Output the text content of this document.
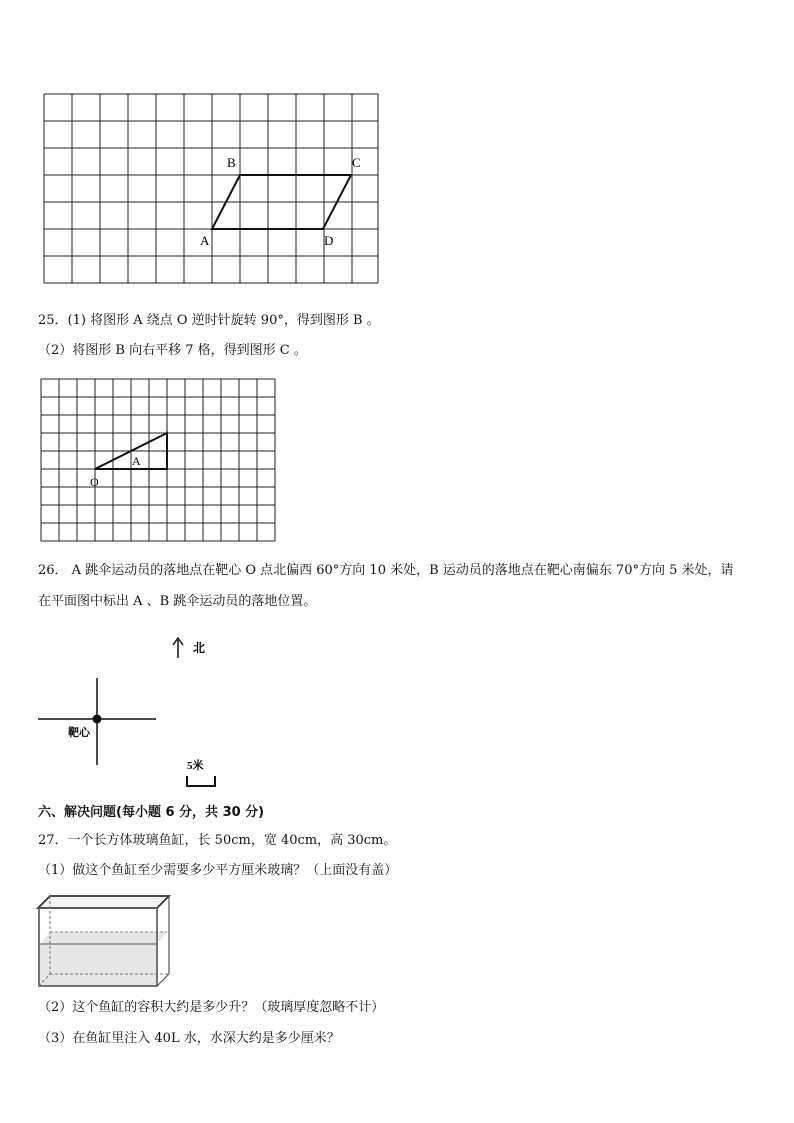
A
B	C
D
25．(1) 将图形 A 绕点 O 逆时针旋转 90°，得到图形 B 。
（2）将图形 B 向右平移 7 格，得到图形 C 。
A
O
26． A 跳伞运动员的落地点在靶心 O 点北偏西 60°方向 10 米处，B 运动员的落地点在靶心南偏东 70°方向 5 米处，请
在平面图中标出 A 、B 跳伞运动员的落地位置。
北
靶心
5米
六、解决问题(每小题 6 分，共 30 分)
27．一个长方体玻璃鱼缸，长 50cm，宽 40cm，高 30cm。
（1）做这个鱼缸至少需要多少平方厘米玻璃？（上面没有盖）
（2）这个鱼缸的容积大约是多少升？（玻璃厚度忽略不计）
（3）在鱼缸里注入 40L 水，水深大约是多少厘米？
